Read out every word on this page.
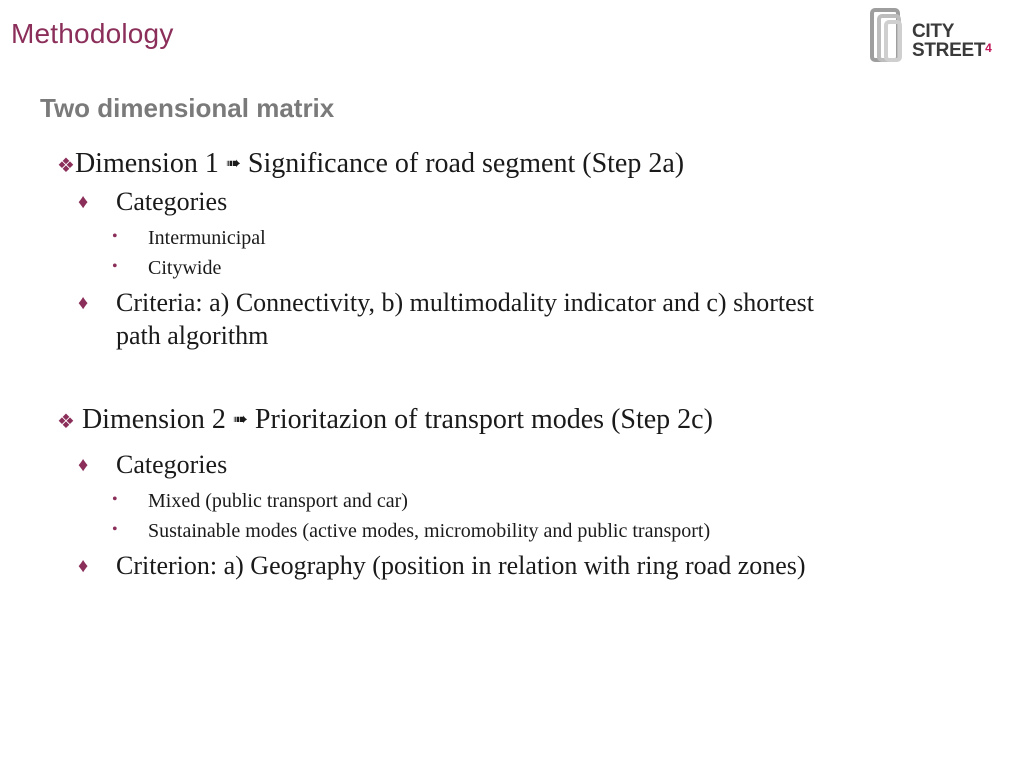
Methodology	CITY
STREET$^4$
Two dimensional matrix
❖Dimension 1 ➠ Significance of road segment (Step 2a)
♦ Categories
• Intermunicipal
• Citywide
♦ Criteria: a) Connectivity, b) multimodality indicator and c) shortest
path algorithm
❖ Dimension 2 ➠ Prioritazion of transport modes (Step 2c)
♦ Categories
• Mixed (public transport and car)
• Sustainable modes (active modes, micromobility and public transport)
♦ Criterion: a) Geography (position in relation with ring road zones)
